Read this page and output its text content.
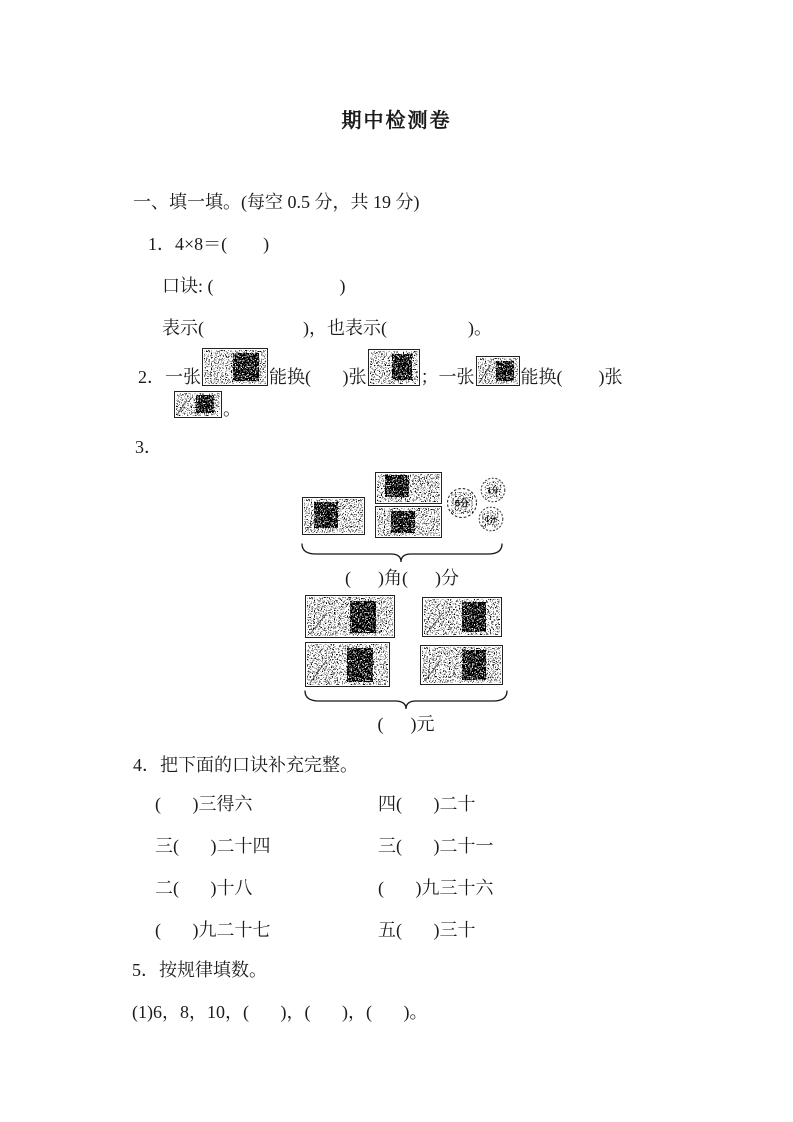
期中检测卷
一、填一填。(每空 0.5 分，共 19 分)
1．4×8＝(        )
口诀: (                            )
表示(                      )，也表示(                  )。
2．一张	能换(       )张	；一张	能换(        )张
。
3．
5分
1分
1分
(      )角(      )分
(      )元
4．把下面的口诀补充完整。
(       )三得六	四(       )二十
三(       )二十四	三(       )二十一
二(       )十八	(       )九三十六
(       )九二十七	五(       )三十
5．按规律填数。
(1)6，8，10，(       )，(       )，(       )。
